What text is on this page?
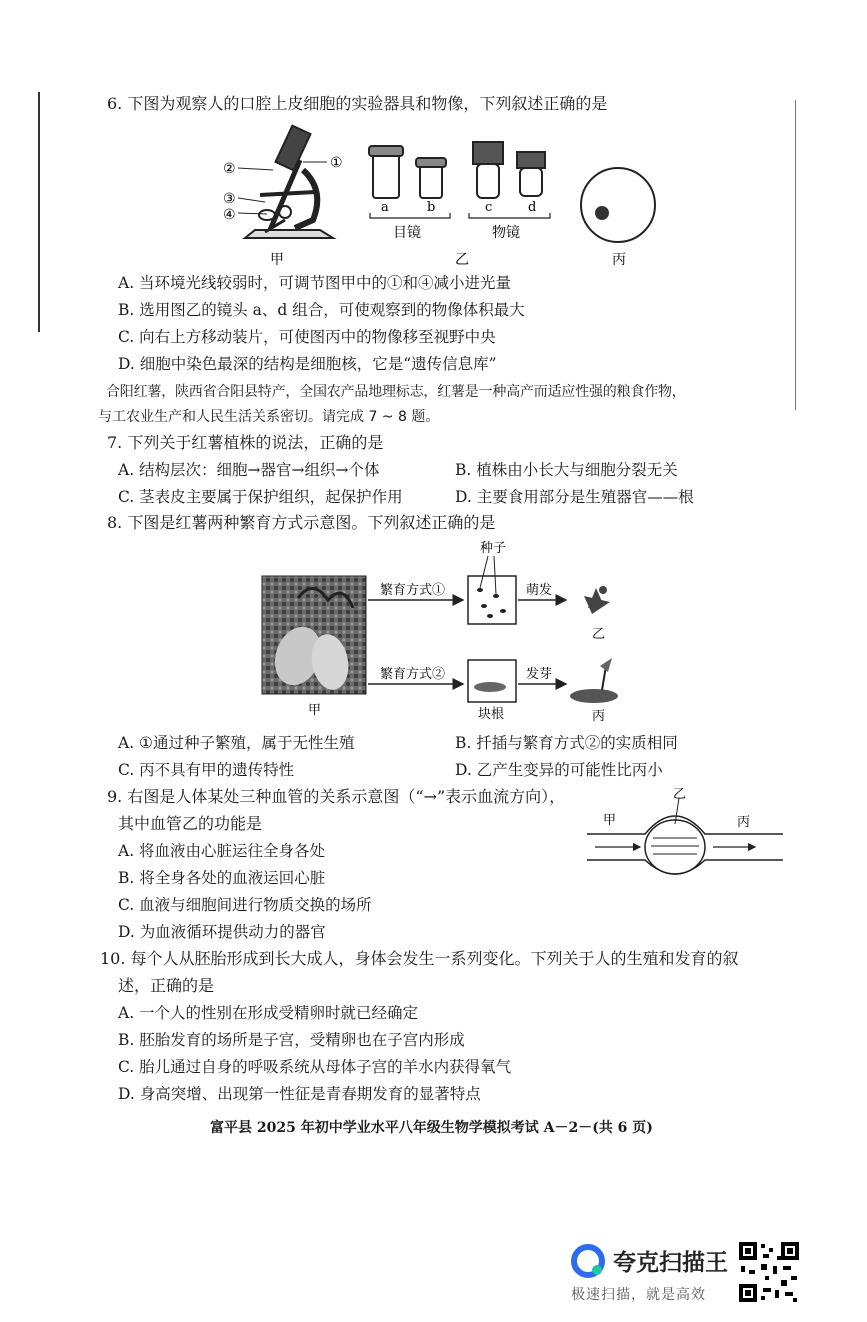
6. 下图为观察人的口腔上皮细胞的实验器具和物像，下列叙述正确的是
②	①
③
④	a	b	c	d
目镜	物镜
甲	乙	丙
A. 当环境光线较弱时，可调节图甲中的①和④减小进光量
B. 选用图乙的镜头 a、d 组合，可使观察到的物像体积最大
C. 向右上方移动装片，可使图丙中的物像移至视野中央
D. 细胞中染色最深的结构是细胞核，它是“遗传信息库”
合阳红薯，陕西省合阳县特产，全国农产品地理标志，红薯是一种高产而适应性强的粮食作物，
与工农业生产和人民生活关系密切。请完成 7 ~ 8 题。
7. 下列关于红薯植株的说法，正确的是
A. 结构层次：细胞→器官→组织→个体	B. 植株由小长大与细胞分裂无关
C. 茎表皮主要属于保护组织，起保护作用	D. 主要食用部分是生殖器官——根
8. 下图是红薯两种繁育方式示意图。下列叙述正确的是
甲
繁育方式①
种子
萌发
乙
繁育方式②
块根
发芽
丙
A. ①通过种子繁殖，属于无性生殖	B. 扦插与繁育方式②的实质相同
C. 丙不具有甲的遗传特性	D. 乙产生变异的可能性比丙小
9. 右图是人体某处三种血管的关系示意图（“→”表示血流方向），
其中血管乙的功能是	甲
乙
丙
A. 将血液由心脏运往全身各处
B. 将全身各处的血液运回心脏
C. 血液与细胞间进行物质交换的场所
D. 为血液循环提供动力的器官
10. 每个人从胚胎形成到长大成人，身体会发生一系列变化。下列关于人的生殖和发育的叙
述，正确的是
A. 一个人的性别在形成受精卵时就已经确定
B. 胚胎发育的场所是子宫，受精卵也在子宫内形成
C. 胎儿通过自身的呼吸系统从母体子宫的羊水内获得氧气
D. 身高突增、出现第一性征是青春期发育的显著特点
富平县 2025 年初中学业水平八年级生物学模拟考试 A－2－(共 6 页)
夸克扫描王
极速扫描，就是高效
